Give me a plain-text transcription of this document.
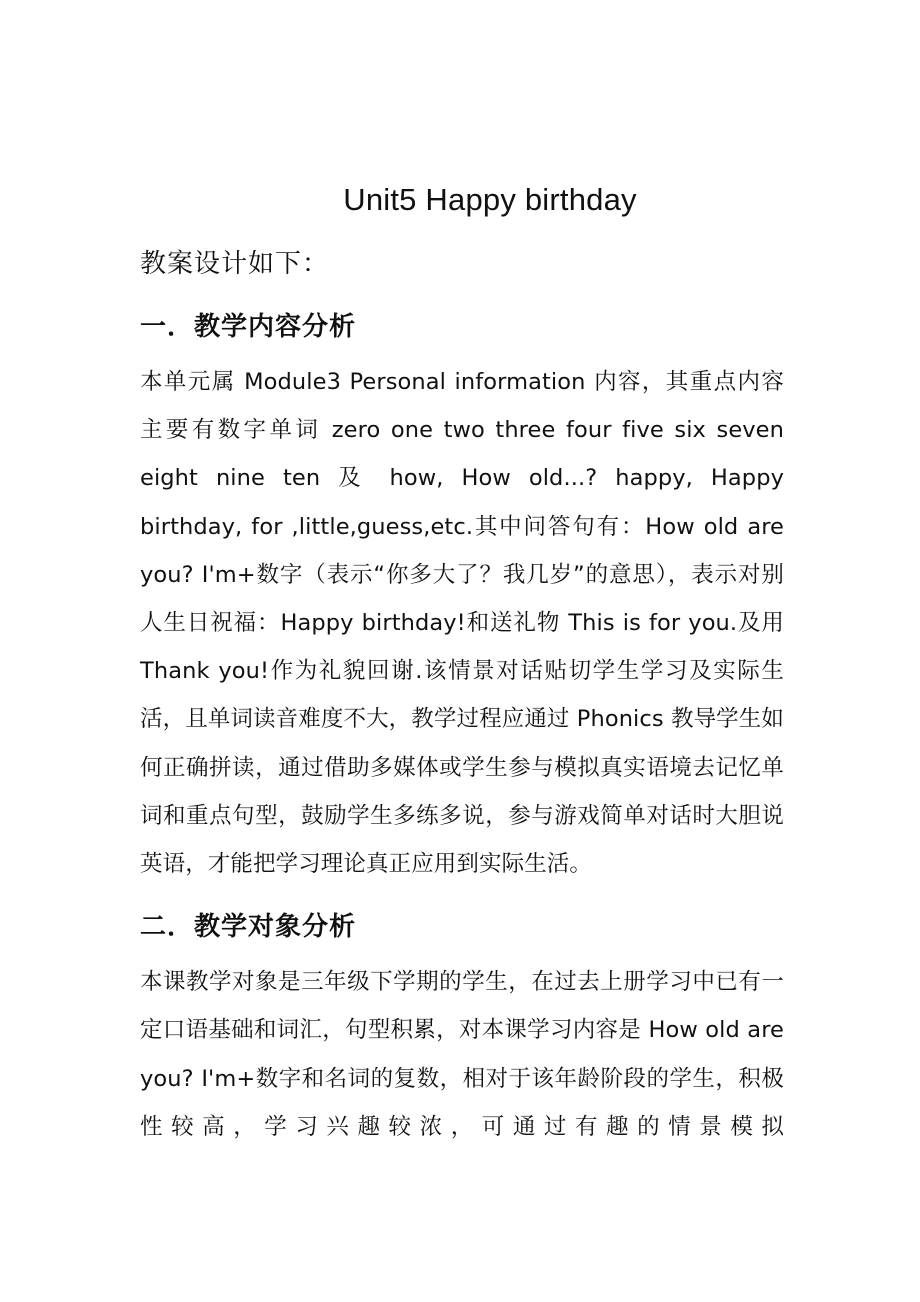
Unit5 Happy birthday
教案设计如下：
一．教学内容分析

本单元属 Module3 Personal information 内容，其重点内容主要有数字单词 zero one two three four five six seven eight nine ten 及 how, How old...? happy, Happy birthday, for ,little,guess,etc.其中问答句有：How old are you? I'm+数字（表示“你多大了？我几岁”的意思），表示对别人生日祝福：Happy birthday!和送礼物 This is for you.及用 Thank you!作为礼貌回谢.该情景对话贴切学生学习及实际生活，且单词读音难度不大，教学过程应通过 Phonics 教导学生如何正确拼读，通过借助多媒体或学生参与模拟真实语境去记忆单词和重点句型，鼓励学生多练多说，参与游戏简单对话时大胆说英语，才能把学习理论真正应用到实际生活。

二．教学对象分析

本课教学对象是三年级下学期的学生，在过去上册学习中已有一定口语基础和词汇，句型积累，对本课学习内容是 How old are you? I'm+数字和名词的复数，相对于该年龄阶段的学生，积极性较高，学习兴趣较浓，可通过有趣的情景模拟
